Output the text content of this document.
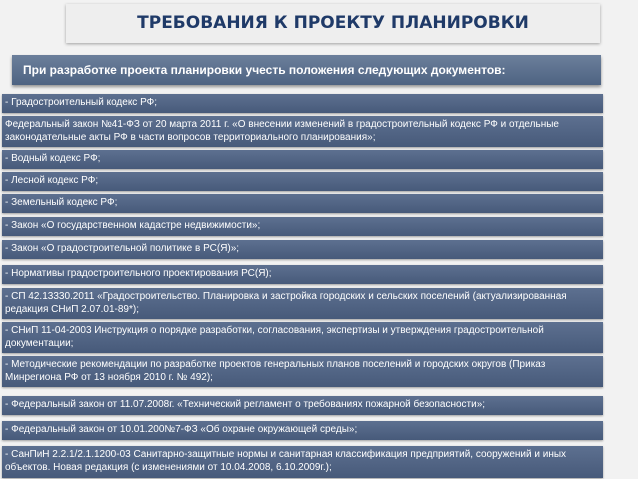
ТРЕБОВАНИЯ К ПРОЕКТУ ПЛАНИРОВКИ
При разработке проекта планировки учесть положения следующих документов:
- Градостроительный кодекс РФ;
Федеральный закон №41-ФЗ от 20 марта 2011 г. «О внесении изменений в градостроительный кодекс РФ и отдельные законодательные акты РФ в части вопросов территориального планирования»;
- Водный кодекс РФ;
- Лесной кодекс РФ;
- Земельный кодекс РФ;
- Закон «О государственном кадастре недвижимости»;
- Закон «О градостроительной политике в РС(Я)»;
- Нормативы градостроительного проектирования РС(Я);
- СП 42.13330.2011 «Градостроительство. Планировка и застройка городских и сельских поселений (актуализированная редакция СНиП 2.07.01-89*);
- СНиП 11-04-2003 Инструкция о порядке разработки, согласования, экспертизы и утверждения градостроительной документации;
- Методические рекомендации по разработке проектов генеральных планов поселений и городских округов (Приказ Минрегиона РФ от 13 ноября 2010 г. № 492);
- Федеральный закон от 11.07.2008г. «Технический регламент о требованиях пожарной безопасности»;
- Федеральный закон от 10.01.200№7-ФЗ «Об охране окружающей среды»;
- СанПиН 2.2.1/2.1.1200-03 Санитарно-защитные нормы и санитарная классификация предприятий, сооружений и иных объектов. Новая редакция (с изменениями от 10.04.2008, 6.10.2009г.);
